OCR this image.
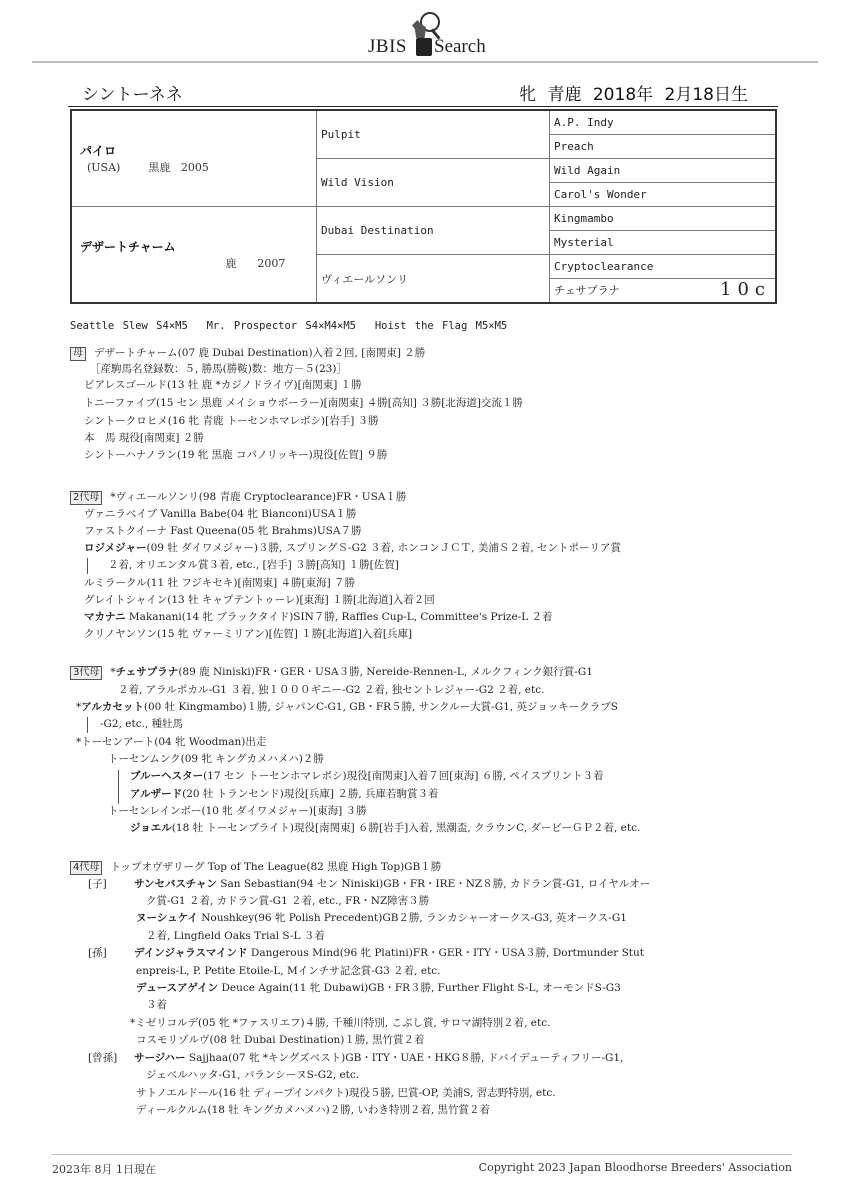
JBIS Search
シントーネネ	牝 青鹿 2018年 2月18日生
パイロ
(USA) 黒鹿 2005	Pulpit	A.P. Indy
		Preach
	Wild Vision	Wild Again
		Carol's Wonder

デザートチャーム
鹿 2007	Dubai Destination	Kingmambo
		Mysterial
	ヴィエールソンリ	Cryptoclearance
		チェサプラナ 10c
Seattle Slew S4×M5　 Mr. Prospector S4×M4×M5　 Hoist the Flag M5×M5
母 デザートチャーム(07 鹿 Dubai Destination)入着２回, [南関東] ２勝
［産駒馬名登録数：５, 勝馬(勝鞍)数：地方－５(23)］
ピアレスゴールド(13 牡 鹿 *カジノドライヴ)[南関東] １勝
トニーファイブ(15 セン 黒鹿 メイショウボーラー)[南関東] ４勝[高知] ３勝[北海道]交流１勝
シントークロヒメ(16 牝 青鹿 トーセンホマレボシ)[岩手] ３勝
本　馬 現役[南関東] ２勝
シントーハナノラン(19 牝 黒鹿 コパノリッキー)現役[佐賀] ９勝
2代母 *ヴィエールソンリ(98 青鹿 Cryptoclearance)FR・USA１勝
ヴァニラベイブ Vanilla Babe(04 牝 Bianconi)USA１勝
ファストクイーナ Fast Queena(05 牝 Brahms)USA７勝
ロジメジャー(09 牡 ダイワメジャー)３勝, スプリングＳ-G2 ３着, ホンコンＪＣＴ, 美浦Ｓ２着, セントポーリア賞
２着, オリエンタル賞３着, etc., [岩手] ３勝[高知] １勝[佐賀]
ルミラークル(11 牡 フジキセキ)[南関東] ４勝[東海] ７勝
グレイトシャイン(13 牡 キャプテントゥーレ)[東海] １勝[北海道]入着２回
マカナニ Makanani(14 牝 ブラックタイド)SIN７勝, Raffles Cup-L, Committee's Prize-L ２着
クリノヤンソン(15 牝 ヴァーミリアン)[佐賀] １勝[北海道]入着[兵庫]
3代母 *チェサプラナ(89 鹿 Niniski)FR・GER・USA３勝, Nereide-Rennen-L, メルクフィンク銀行賞-G1
２着, アラルポカル-G1 ３着, 独１０００ギニー-G2 ２着, 独セントレジャー-G2 ２着, etc.
*アルカセット(00 牡 Kingmambo)１勝, ジャパンC-G1, GB・FR５勝, サンクルー大賞-G1, 英ジョッキークラブS
-G2, etc., 種牡馬
*トーセンアート(04 牝 Woodman)出走
トーセンムンク(09 牝 キングカメハメハ)２勝
ブルーヘスター(17 セン トーセンホマレボシ)現役[南関東]入着７回[東海] ６勝, ペイスプリント３着
アルザード(20 牡 トランセンド)現役[兵庫] ２勝, 兵庫若駒賞３着
トーセンレインボー(10 牝 ダイワメジャー)[東海] ３勝
ジョエル(18 牡 トーセンブライト)現役[南関東] ６勝[岩手]入着, 黒潮盃, クラウンC, ダービーＧＰ２着, etc.
4代母 トップオヴザリーグ Top of The League(82 黒鹿 High Top)GB１勝
[子]	サンセバスチャン San Sebastian(94 セン Niniski)GB・FR・IRE・NZ８勝, カドラン賞-G1, ロイヤルオー
ク賞-G1 ２着, カドラン賞-G1 ２着, etc., FR・NZ障害３勝
ヌーシュケイ Noushkey(96 牝 Polish Precedent)GB２勝, ランカシャーオークス-G3, 英オークス-G1
２着, Lingfield Oaks Trial S-L ３着
[孫]	デインジャラスマインド Dangerous Mind(96 牝 Platini)FR・GER・ITY・USA３勝, Dortmunder Stut
enpreis-L, P. Petite Etoile-L, Mインチサ記念賞-G3 ２着, etc.
デュースアゲイン Deuce Again(11 牝 Dubawi)GB・FR３勝, Further Flight S-L, オーモンドS-G3
３着
*ミゼリコルデ(05 牝 *ファスリエフ)４勝, 千種川特別, こぶし賞, サロマ湖特別２着, etc.
コスモリゾルヴ(08 牡 Dubai Destination)１勝, 黒竹賞２着
[曾孫] サージハー Sajjhaa(07 牝 *キングズベスト)GB・ITY・UAE・HKG８勝, ドバイデューティフリー-G1,
ジェベルハッタ-G1, バランシーヌS-G2, etc.
サトノエルドール(16 牡 ディープインパクト)現役５勝, 巴賞-OP, 美浦S, 習志野特別, etc.
ディールクルム(18 牡 キングカメハメハ)２勝, いわき特別２着, 黒竹賞２着
2023年 8月 1日現在	Copyright 2023 Japan Bloodhorse Breeders' Association
